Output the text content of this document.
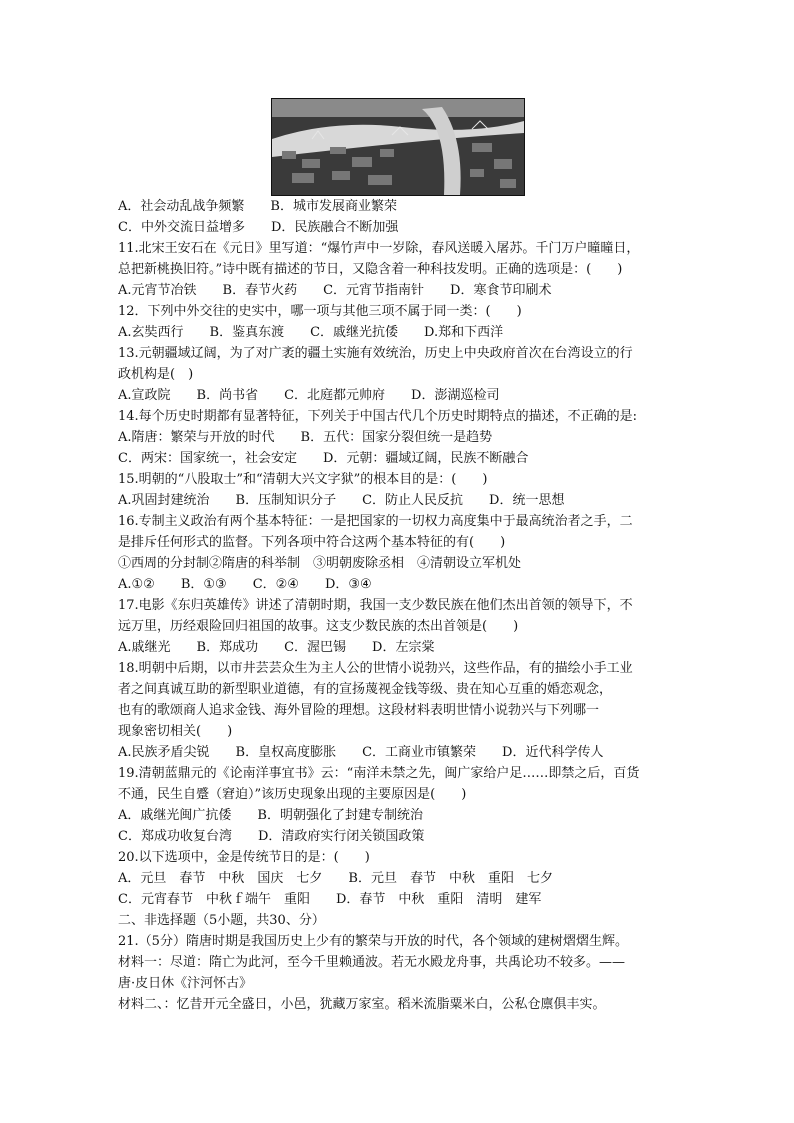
A．社会动乱战争频繁　　B．城市发展商业繁荣
C．中外交流日益增多　　D．民族融合不断加强
11.北宋王安石在《元日》里写道：“爆竹声中一岁除，春风送暖入屠苏。千门万户曈曈日，
总把新桃换旧符。”诗中既有描述的节日，又隐含着一种科技发明。正确的选项是：(　　)
A.元宵节冶铁　　B．春节火药　　C．元宵节指南针　　D．寒食节印刷术
12．下列中外交往的史实中，哪一项与其他三项不属于同一类：(　　)
A.玄奘西行　　B．鉴真东渡　　C．戚继光抗倭　　D.郑和下西洋
13.元朝疆域辽阔，为了对广袤的疆土实施有效统治，历史上中央政府首次在台湾设立的行
政机构是(　)
A.宣政院　　B．尚书省　　C．北庭都元帅府　　D．澎湖巡检司
14.每个历史时期都有显著特征，下列关于中国古代几个历史时期特点的描述，不正确的是:
A.隋唐：繁荣与开放的时代　　B．五代：国家分裂但统一是趋势
C．两宋：国家统一，社会安定　　D．元朝：疆域辽阔，民族不断融合
15.明朝的“八股取士”和“清朝大兴文字狱”的根本目的是：(　　)
A.巩固封建统治　　B．压制知识分子　　C．防止人民反抗　　D．统一思想
16.专制主义政治有两个基本特征：一是把国家的一切权力高度集中于最高统治者之手，二
是排斥任何形式的监督。下列各项中符合这两个基本特征的有(　　)
①西周的分封制②隋唐的科举制　③明朝废除丞相　④清朝设立军机处
A.①②　　B．①③　　C．②④　　D．③④
17.电影《东归英雄传》讲述了清朝时期，我国一支少数民族在他们杰出首领的领导下，不
远万里，历经艰险回归祖国的故事。这支少数民族的杰出首领是(　　)
A.戚继光　　B．郑成功　　C．渥巴锡　　D．左宗棠
18.明朝中后期，以市井芸芸众生为主人公的世情小说勃兴，这些作品，有的描绘小手工业
者之间真诚互助的新型职业道德，有的宣扬蔑视金钱等级、贵在知心互重的婚恋观念，
也有的歌颂商人追求金钱、海外冒险的理想。这段材料表明世情小说勃兴与下列哪一
现象密切相关(　　)
A.民族矛盾尖锐　　B．皇权高度膨胀　　C．工商业市镇繁荣　　D．近代科学传人
19.清朝蓝鼎元的《论南洋事宜书》云：“南洋未禁之先，闽广家给户足……即禁之后，百货
不通，民生自蹙（窘迫）”该历史现象出现的主要原因是(　　)
A．戚继光闽广抗倭　　B．明朝强化了封建专制统治
C．郑成功收复台湾　　D．清政府实行闭关锁国政策
20.以下选项中，金是传统节日的是：(　　)
A．元旦　春节　中秋　国庆　七夕　　B．元旦　春节　中秋　重阳　七夕
C．元宵春节　中秋ｆ端午　重阳　　D．春节　中秋　重阳　清明　建军
二、非选择题（5小题，共30、分）
21.（5分）隋唐时期是我国历史上少有的繁荣与开放的时代，各个领域的建树熠熠生辉。
材料一：尽道：隋亡为此河，至今千里赖通波。若无水殿龙舟事，共禹论功不较多。——
唐·皮日休《汴河怀古》
材料二、：忆昔开元全盛日，小邑，犹藏万家室。稻米流脂粟米白，公私仓廪俱丰实。
